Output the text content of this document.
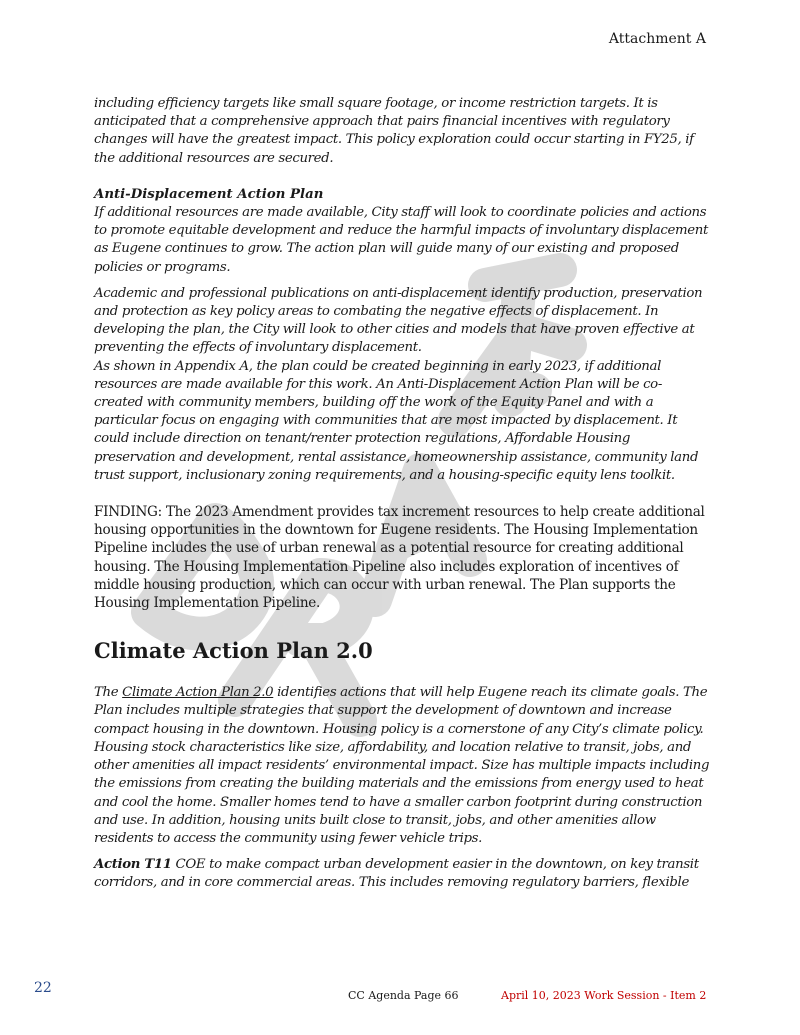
Attachment A

including efficiency targets like small square footage, or income restriction targets. It is anticipated that a comprehensive approach that pairs financial incentives with regulatory changes will have the greatest impact. This policy exploration could occur starting in FY25, if the additional resources are secured.

Anti-Displacement Action Plan

If additional resources are made available, City staff will look to coordinate policies and actions to promote equitable development and reduce the harmful impacts of involuntary displacement as Eugene continues to grow. The action plan will guide many of our existing and proposed policies or programs.

Academic and professional publications on anti-displacement identify production, preservation and protection as key policy areas to combating the negative effects of displacement. In developing the plan, the City will look to other cities and models that have proven effective at preventing the effects of involuntary displacement.

As shown in Appendix A, the plan could be created beginning in early 2023, if additional resources are made available for this work. An Anti-Displacement Action Plan will be co-created with community members, building off the work of the Equity Panel and with a particular focus on engaging with communities that are most impacted by displacement. It could include direction on tenant/renter protection regulations, Affordable Housing preservation and development, rental assistance, homeownership assistance, community land trust support, inclusionary zoning requirements, and a housing-specific equity lens toolkit.

FINDING: The 2023 Amendment provides tax increment resources to help create additional housing opportunities in the downtown for Eugene residents. The Housing Implementation Pipeline includes the use of urban renewal as a potential resource for creating additional housing. The Housing Implementation Pipeline also includes exploration of incentives of middle housing production, which can occur with urban renewal. The Plan supports the Housing Implementation Pipeline.

Climate Action Plan 2.0

The Climate Action Plan 2.0 identifies actions that will help Eugene reach its climate goals. The Plan includes multiple strategies that support the development of downtown and increase compact housing in the downtown. Housing policy is a cornerstone of any City’s climate policy. Housing stock characteristics like size, affordability, and location relative to transit, jobs, and other amenities all impact residents’ environmental impact. Size has multiple impacts including the emissions from creating the building materials and the emissions from energy used to heat and cool the home. Smaller homes tend to have a smaller carbon footprint during construction and use. In addition, housing units built close to transit, jobs, and other amenities allow residents to access the community using fewer vehicle trips.

Action T11 COE to make compact urban development easier in the downtown, on key transit corridors, and in core commercial areas. This includes removing regulatory barriers, flexible

22	CC Agenda Page 66	April 10, 2023 Work Session - Item 2
